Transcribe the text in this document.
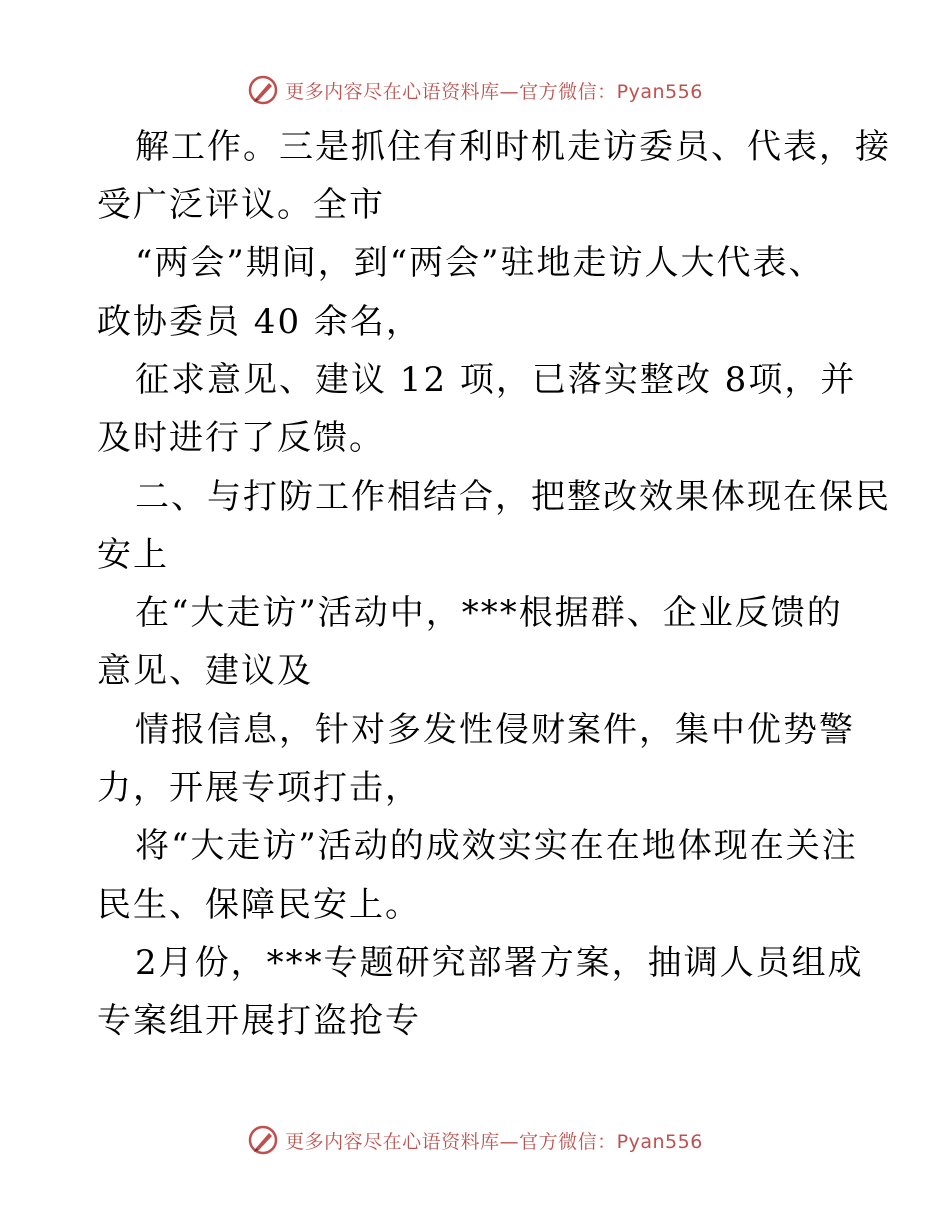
更多内容尽在心语资料库—官方微信：Pyan556
解工作。三是抓住有利时机走访委员、代表，接
受广泛评议。全市
“两会”期间，到“两会”驻地走访人大代表、
政协委员 40 余名，
征求意见、建议 12 项，已落实整改 8项，并
及时进行了反馈。
二、与打防工作相结合，把整改效果体现在保民
安上
在“大走访”活动中，***根据群、企业反馈的
意见、建议及
情报信息，针对多发性侵财案件，集中优势警
力，开展专项打击，
将“大走访”活动的成效实实在在地体现在关注
民生、保障民安上。
2月份，***专题研究部署方案，抽调人员组成
专案组开展打盗抢专
更多内容尽在心语资料库—官方微信：Pyan556
